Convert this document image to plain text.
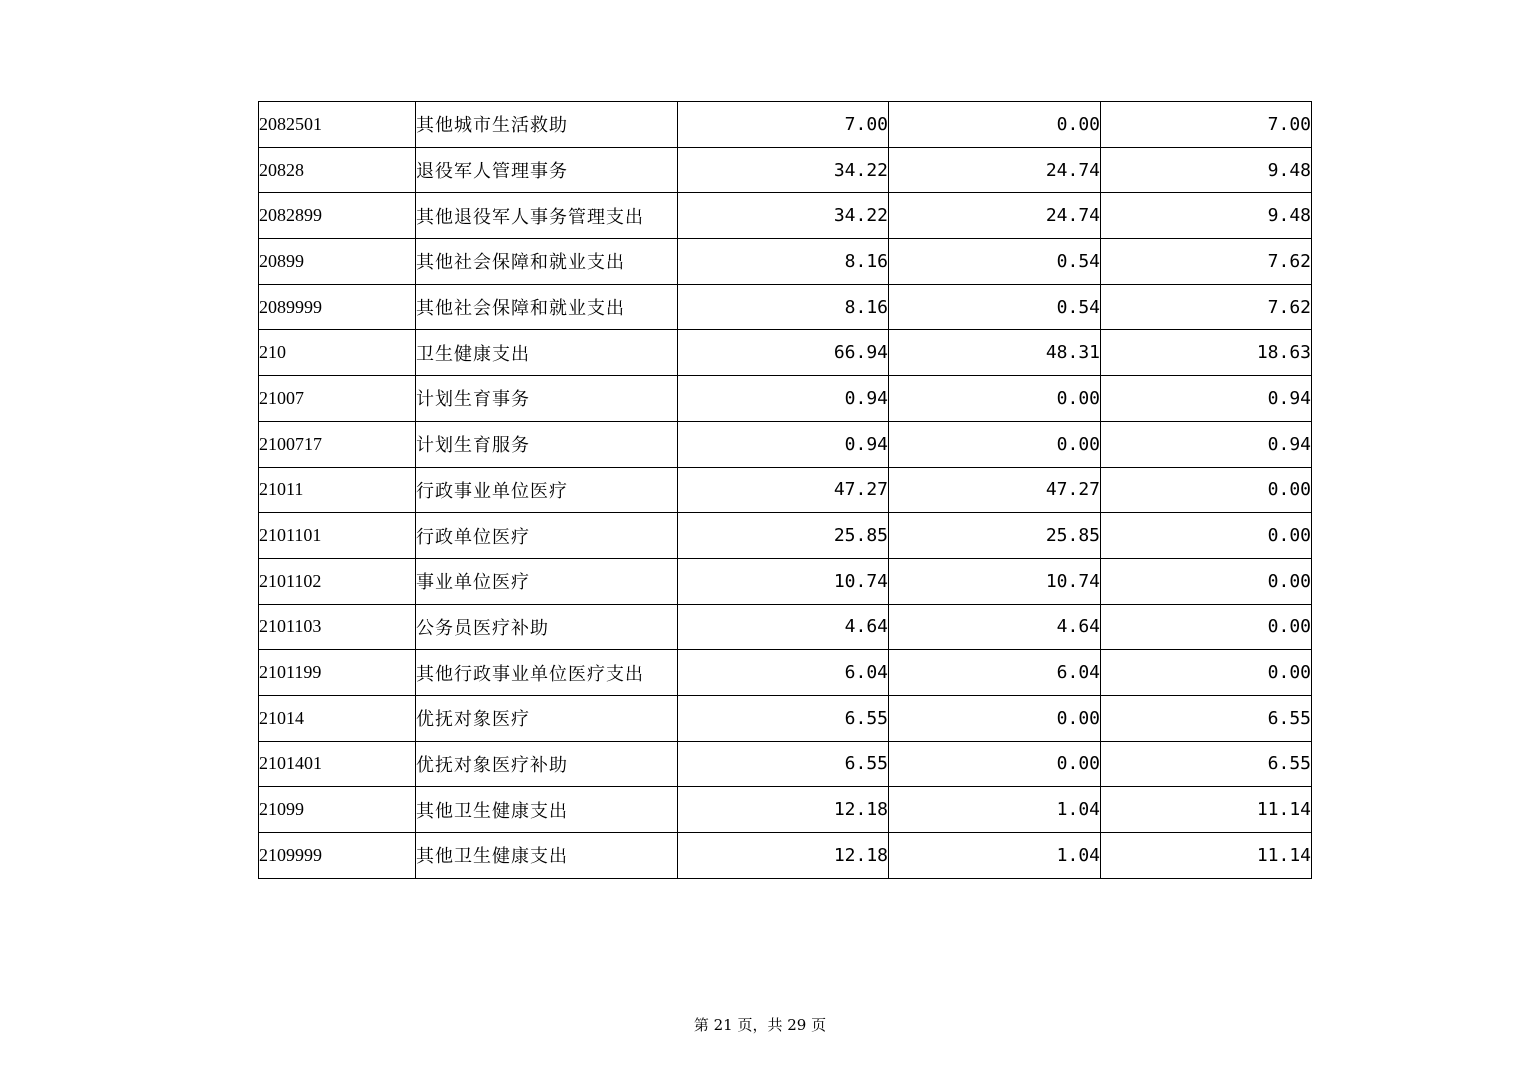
2082501	其他城市生活救助	7.00	0.00	7.00
20828	退役军人管理事务	34.22	24.74	9.48
2082899	其他退役军人事务管理支出	34.22	24.74	9.48
20899	其他社会保障和就业支出	8.16	0.54	7.62
2089999	其他社会保障和就业支出	8.16	0.54	7.62
210	卫生健康支出	66.94	48.31	18.63
21007	计划生育事务	0.94	0.00	0.94
2100717	计划生育服务	0.94	0.00	0.94
21011	行政事业单位医疗	47.27	47.27	0.00
2101101	行政单位医疗	25.85	25.85	0.00
2101102	事业单位医疗	10.74	10.74	0.00
2101103	公务员医疗补助	4.64	4.64	0.00
2101199	其他行政事业单位医疗支出	6.04	6.04	0.00
21014	优抚对象医疗	6.55	0.00	6.55
2101401	优抚对象医疗补助	6.55	0.00	6.55
21099	其他卫生健康支出	12.18	1.04	11.14
2109999	其他卫生健康支出	12.18	1.04	11.14
第 21 页，共 29 页
